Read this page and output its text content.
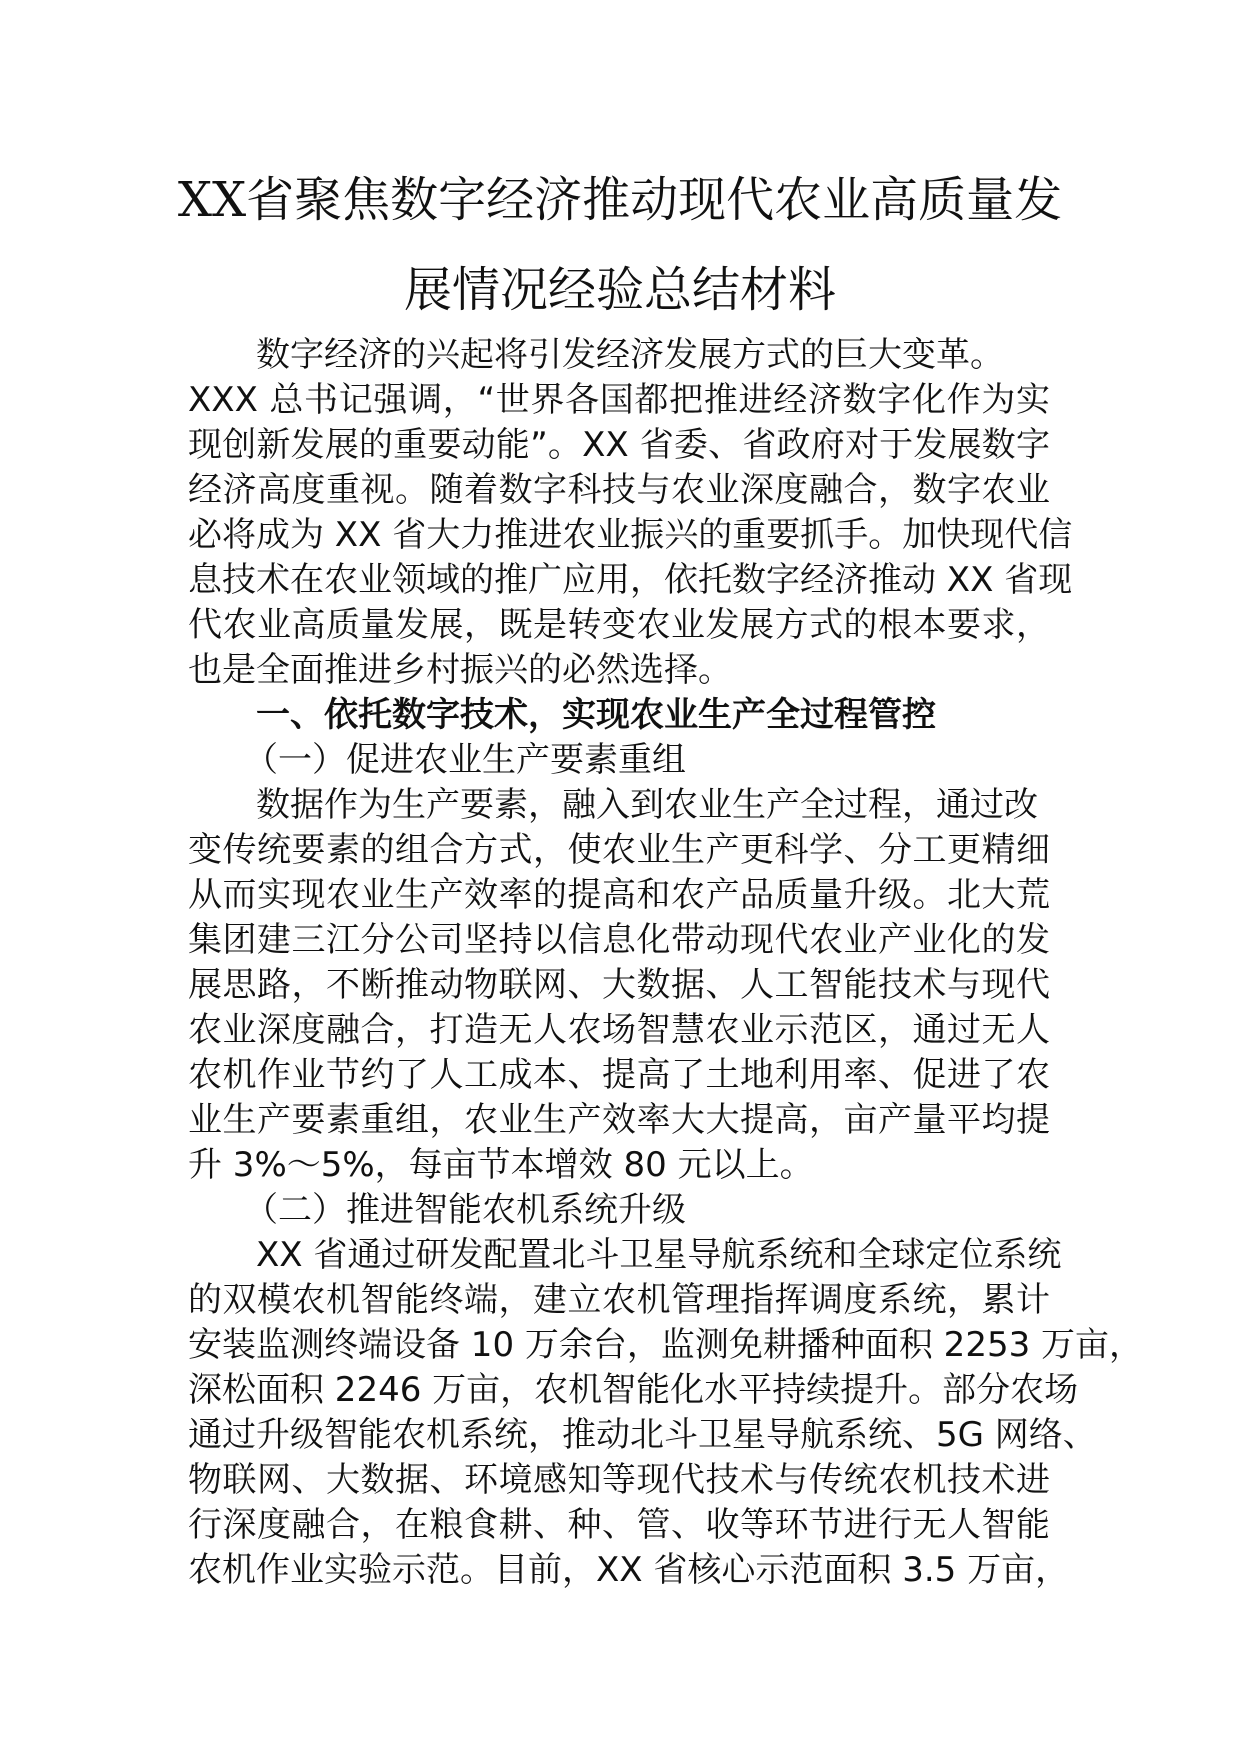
XX省聚焦数字经济推动现代农业高质量发
展情况经验总结材料
数字经济的兴起将引发经济发展方式的巨大变革。
XXX 总书记强调，“世界各国都把推进经济数字化作为实
现创新发展的重要动能”。XX 省委、省政府对于发展数字
经济高度重视。随着数字科技与农业深度融合，数字农业
必将成为 XX 省大力推进农业振兴的重要抓手。加快现代信
息技术在农业领域的推广应用，依托数字经济推动 XX 省现
代农业高质量发展，既是转变农业发展方式的根本要求，
也是全面推进乡村振兴的必然选择。
一、依托数字技术，实现农业生产全过程管控
（一）促进农业生产要素重组
数据作为生产要素，融入到农业生产全过程，通过改
变传统要素的组合方式，使农业生产更科学、分工更精细
从而实现农业生产效率的提高和农产品质量升级。北大荒
集团建三江分公司坚持以信息化带动现代农业产业化的发
展思路，不断推动物联网、大数据、人工智能技术与现代
农业深度融合，打造无人农场智慧农业示范区，通过无人
农机作业节约了人工成本、提高了土地利用率、促进了农
业生产要素重组，农业生产效率大大提高，亩产量平均提
升 3%～5%，每亩节本增效 80 元以上。
（二）推进智能农机系统升级
XX 省通过研发配置北斗卫星导航系统和全球定位系统
的双模农机智能终端，建立农机管理指挥调度系统，累计
安装监测终端设备 10 万余台，监测免耕播种面积 2253 万亩，
深松面积 2246 万亩，农机智能化水平持续提升。部分农场
通过升级智能农机系统，推动北斗卫星导航系统、5G 网络、
物联网、大数据、环境感知等现代技术与传统农机技术进
行深度融合，在粮食耕、种、管、收等环节进行无人智能
农机作业实验示范。目前，XX 省核心示范面积 3.5 万亩，
